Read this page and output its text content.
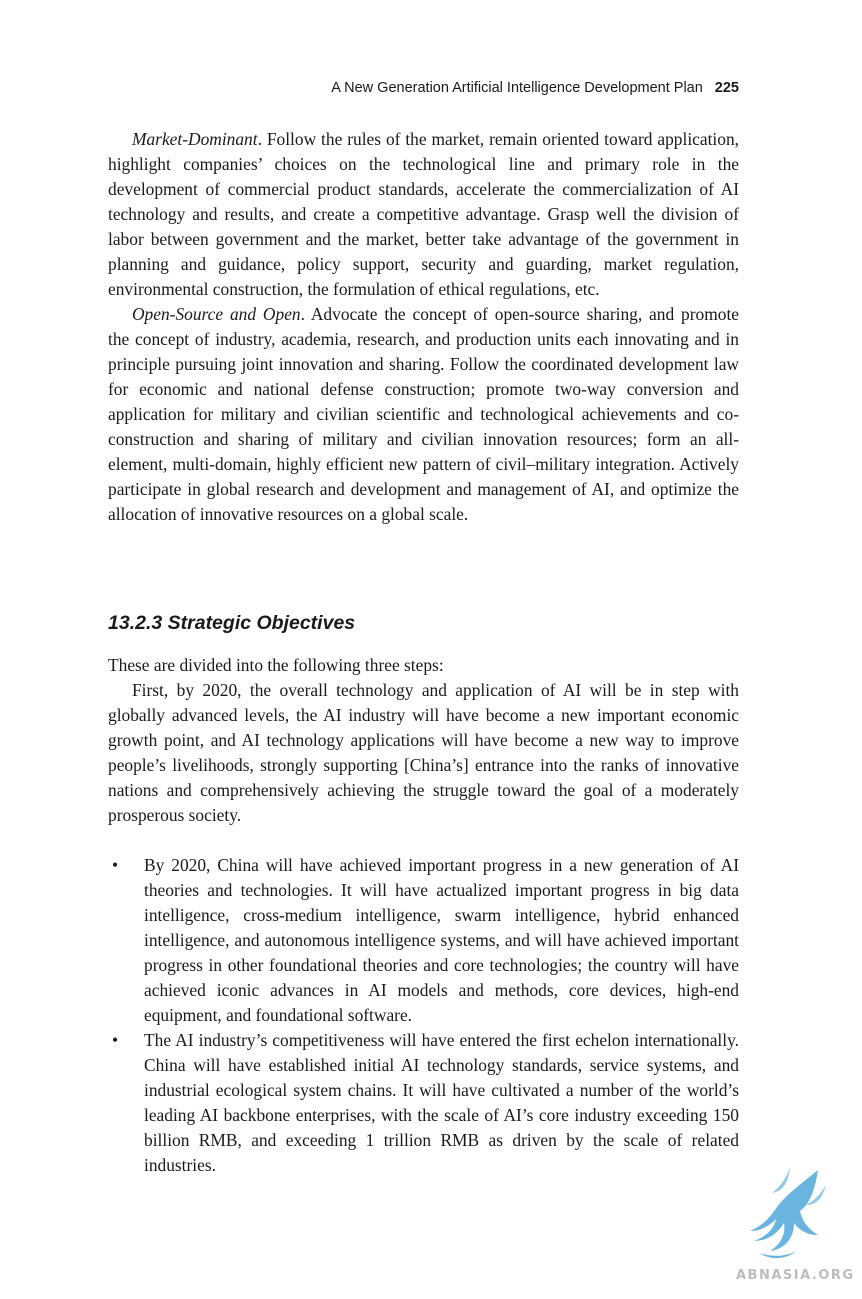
A New Generation Artificial Intelligence Development Plan 225

Market-Dominant. Follow the rules of the market, remain oriented toward application, highlight companies’ choices on the technological line and primary role in the development of commercial product standards, accelerate the commercialization of AI technology and results, and create a competitive advantage. Grasp well the division of labor between government and the market, better take advantage of the government in planning and guidance, policy support, security and guarding, market regulation, environmental construction, the formulation of ethical regulations, etc.

Open-Source and Open. Advocate the concept of open-source sharing, and promote the concept of industry, academia, research, and production units each innovating and in principle pursuing joint innovation and sharing. Follow the coordinated development law for economic and national defense construction; promote two-way conversion and application for military and civilian scientific and technological achievements and co-construction and sharing of military and civilian innovation resources; form an all-element, multi-domain, highly efficient new pattern of civil–military integration. Actively participate in global research and development and management of AI, and optimize the allocation of innovative resources on a global scale.

13.2.3 Strategic Objectives

These are divided into the following three steps:

First, by 2020, the overall technology and application of AI will be in step with globally advanced levels, the AI industry will have become a new important economic growth point, and AI technology applications will have become a new way to improve people’s livelihoods, strongly supporting [China’s] entrance into the ranks of innovative nations and comprehensively achieving the struggle toward the goal of a moderately prosperous society.

• By 2020, China will have achieved important progress in a new generation of AI theories and technologies. It will have actualized important progress in big data intelligence, cross-medium intelligence, swarm intelligence, hybrid enhanced intelligence, and autonomous intelligence systems, and will have achieved important progress in other foundational theories and core technologies; the country will have achieved iconic advances in AI models and methods, core devices, high-end equipment, and foundational software.
• The AI industry’s competitiveness will have entered the first echelon internationally. China will have established initial AI technology standards, service systems, and industrial ecological system chains. It will have cultivated a number of the world’s leading AI backbone enterprises, with the scale of AI’s core industry exceeding 150 billion RMB, and exceeding 1 trillion RMB as driven by the scale of related industries.
ABNASIA.ORG
